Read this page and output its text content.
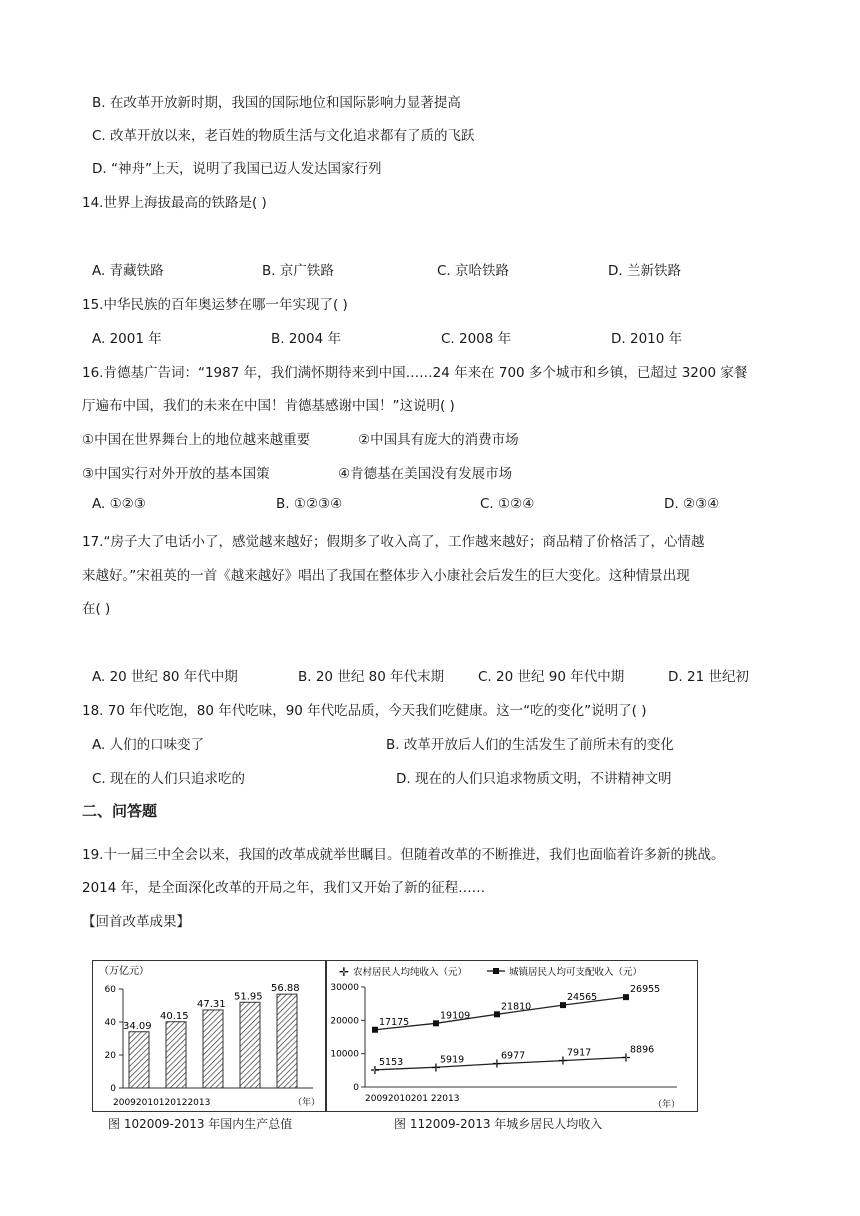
B. 在改革开放新时期，我国的国际地位和国际影响力显著提高
C. 改革开放以来，老百姓的物质生活与文化追求都有了质的飞跃
D. “神舟”上天，说明了我国已迈人发达国家行列
14.世界上海拔最高的铁路是( )
A. 青藏铁路	B. 京广铁路	C. 京哈铁路	D. 兰新铁路
15.中华民族的百年奥运梦在哪一年实现了( )
A. 2001 年	B. 2004 年	C. 2008 年	D. 2010 年
16.肯德基广告词：“1987 年，我们满怀期待来到中国……24 年来在 700 多个城市和乡镇，已超过 3200 家餐
厅遍布中国，我们的未来在中国！肯德基感谢中国！”这说明( )
①中国在世界舞台上的地位越来越重要	②中国具有庞大的消费市场
③中国实行对外开放的基本国策	④肯德基在美国没有发展市场
A. ①②③	B. ①②③④	C. ①②④	D. ②③④
17.“房子大了电话小了，感觉越来越好；假期多了收入高了，工作越来越好；商品精了价格活了，心情越
来越好。”宋祖英的一首《越来越好》唱出了我国在整体步入小康社会后发生的巨大变化。这种情景出现
在( )
A. 20 世纪 80 年代中期	B. 20 世纪 80 年代末期	C. 20 世纪 90 年代中期	D. 21 世纪初
18. 70 年代吃饱，80 年代吃味，90 年代吃品质，今天我们吃健康。这一“吃的变化”说明了( )
A. 人们的口味变了	B. 改革开放后人们的生活发生了前所未有的变化
C. 现在的人们只追求吃的	D. 现在的人们只追求物质文明，不讲精神文明
二、问答题
19.十一届三中全会以来，我国的改革成就举世瞩目。但随着改革的不断推进，我们也面临着许多新的挑战。
2014 年，是全面深化改革的开局之年，我们又开始了新的征程……
【回首改革成果】
（万亿元）
60
40
20
0
34.09
40.15
47.31
51.95
56.88
20092010120122013	（年）
✛ 农村居民人均纯收入（元）	城镇居民人均可支配收入（元）
30000
20000
10000
0
✛
5153	✛
5919	✛
6977	✛
7917	✛
8896
17175
19109
21810
24565
26955
20092010201 22013
（年）
图 102009-2013 年国内生产总值	图 112009-2013 年城乡居民人均收入
